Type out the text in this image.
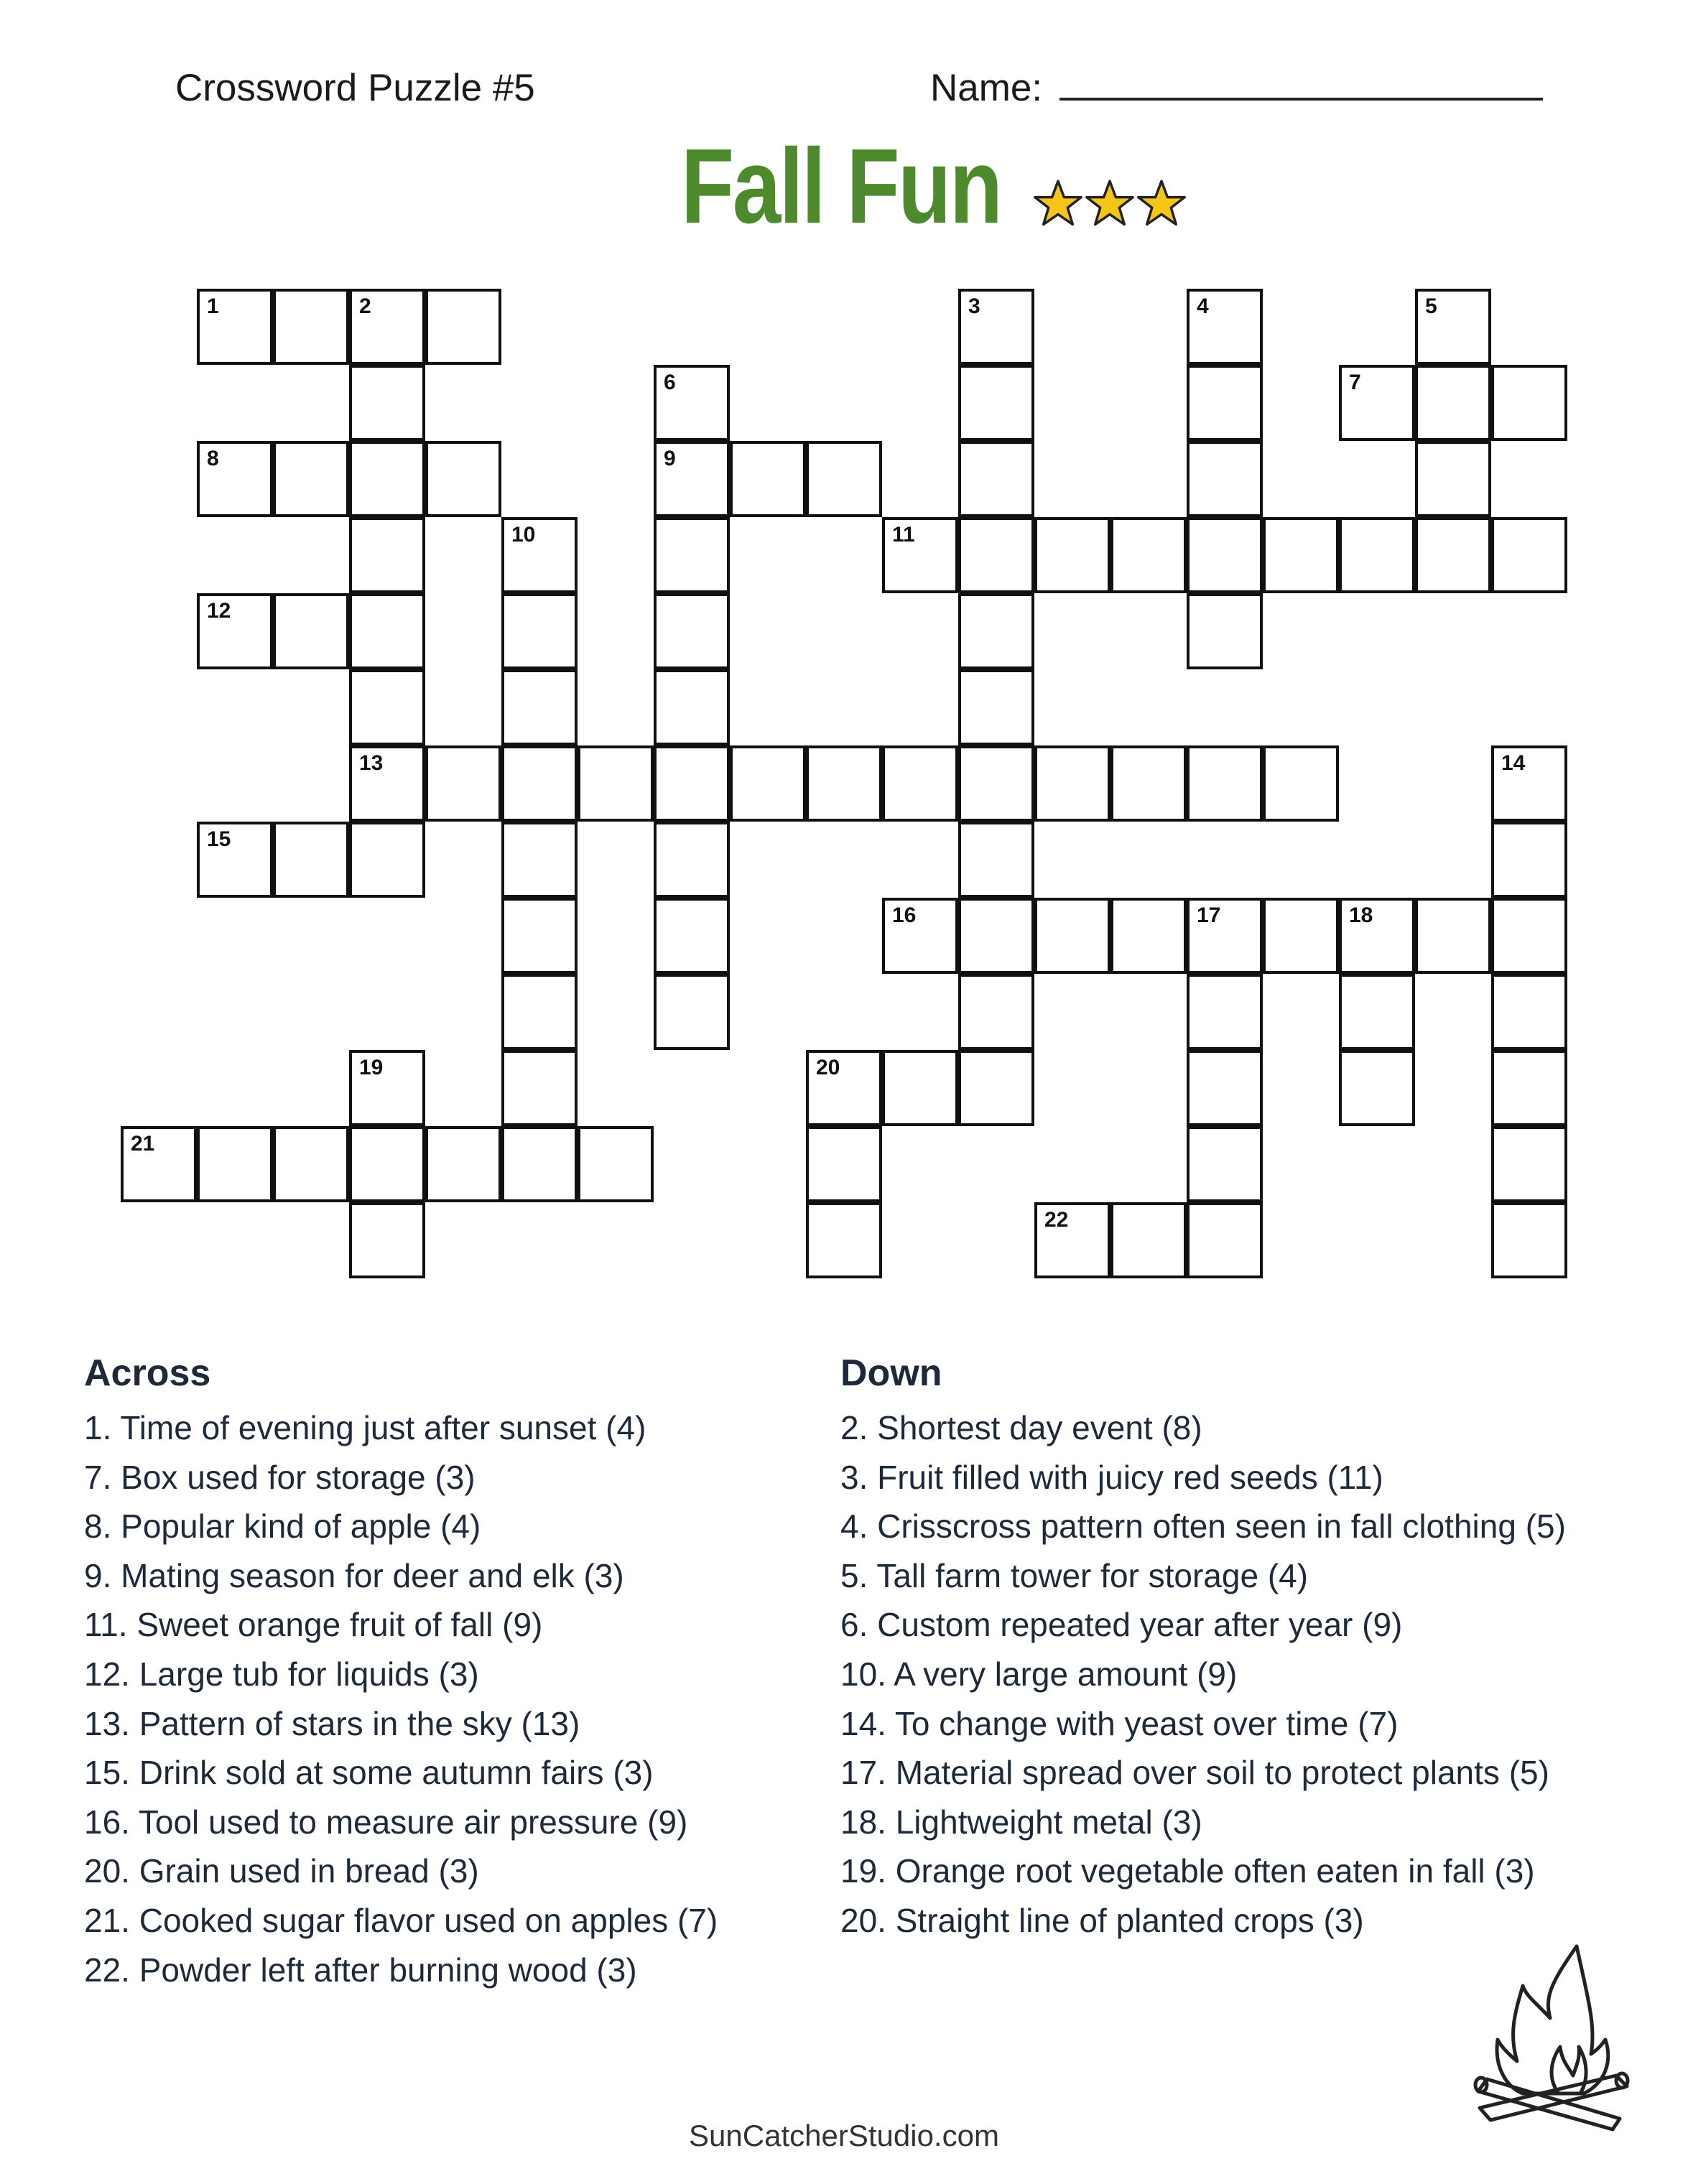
Crossword Puzzle #5	Name:
Fall Fun
1	2	3	4	5
6	7
8	9
10	11
12
13	14
15
16	17	18
19	20
21
22
Across
1. Time of evening just after sunset (4)
7. Box used for storage (3)
8. Popular kind of apple (4)
9. Mating season for deer and elk (3)
11. Sweet orange fruit of fall (9)
12. Large tub for liquids (3)
13. Pattern of stars in the sky (13)
15. Drink sold at some autumn fairs (3)
16. Tool used to measure air pressure (9)
20. Grain used in bread (3)
21. Cooked sugar flavor used on apples (7)
22. Powder left after burning wood (3)
Down
2. Shortest day event (8)
3. Fruit filled with juicy red seeds (11)
4. Crisscross pattern often seen in fall clothing (5)
5. Tall farm tower for storage (4)
6. Custom repeated year after year (9)
10. A very large amount (9)
14. To change with yeast over time (7)
17. Material spread over soil to protect plants (5)
18. Lightweight metal (3)
19. Orange root vegetable often eaten in fall (3)
20. Straight line of planted crops (3)
SunCatcherStudio.com
